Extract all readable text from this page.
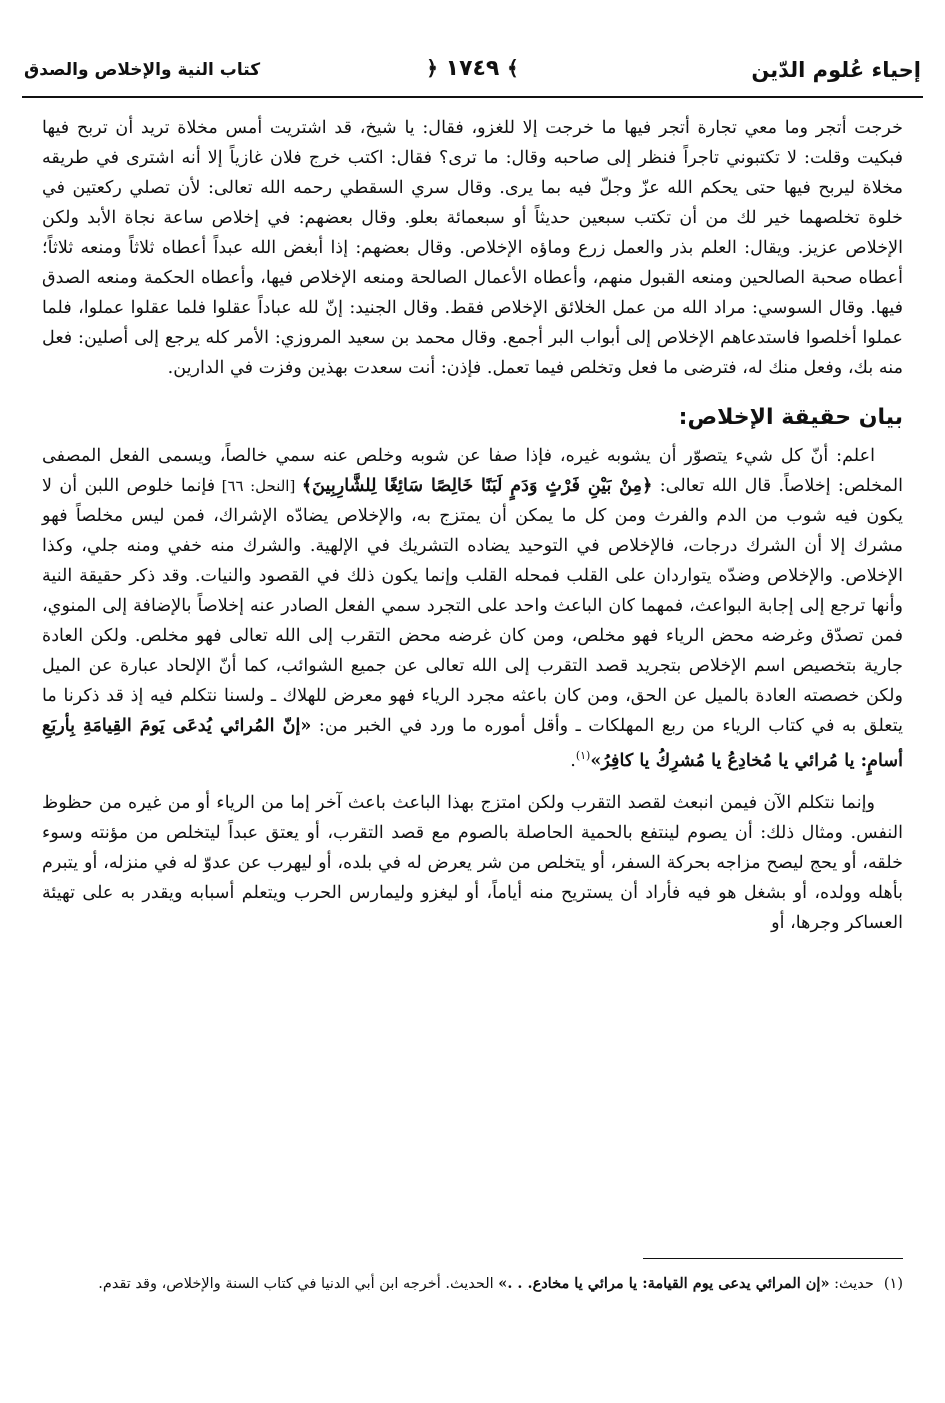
إحياء عُلوم الدّين
﴾ ١٧٤٩ ﴿
كتاب النية والإخلاص والصدق

خرجت أتجر وما معي تجارة أتجر فيها ما خرجت إلا للغزو، فقال: يا شيخ، قد اشتريت أمس مخلاة تريد أن تربح فيها فبكيت وقلت: لا تكتبوني تاجراً فنظر إلى صاحبه وقال: ما ترى؟ فقال: اكتب خرج فلان غازياً إلا أنه اشترى في طريقه مخلاة ليربح فيها حتى يحكم الله عزّ وجلّ فيه بما يرى. وقال سري السقطي رحمه الله تعالى: لأن تصلي ركعتين في خلوة تخلصهما خير لك من أن تكتب سبعين حديثاً أو سبعمائة بعلو. وقال بعضهم: في إخلاص ساعة نجاة الأبد ولكن الإخلاص عزيز. ويقال: العلم بذر والعمل زرع وماؤه الإخلاص. وقال بعضهم: إذا أبغض الله عبداً أعطاه ثلاثاً ومنعه ثلاثاً؛ أعطاه صحبة الصالحين ومنعه القبول منهم، وأعطاه الأعمال الصالحة ومنعه الإخلاص فيها، وأعطاه الحكمة ومنعه الصدق فيها. وقال السوسي: مراد الله من عمل الخلائق الإخلاص فقط. وقال الجنيد: إنّ لله عباداً عقلوا فلما عقلوا عملوا، فلما عملوا أخلصوا فاستدعاهم الإخلاص إلى أبواب البر أجمع. وقال محمد بن سعيد المروزي: الأمر كله يرجع إلى أصلين: فعل منه بك، وفعل منك له، فترضى ما فعل وتخلص فيما تعمل. فإذن: أنت سعدت بهذين وفزت في الدارين.

بيان حقيقة الإخلاص:

اعلم: أنّ كل شيء يتصوّر أن يشوبه غيره، فإذا صفا عن شوبه وخلص عنه سمي خالصاً، ويسمى الفعل المصفى المخلص: إخلاصاً. قال الله تعالى: ﴿مِنْ بَيْنِ فَرْثٍ وَدَمٍ لَبَنًا خَالِصًا سَائِغًا لِلشَّارِبِينَ﴾ [النحل: ٦٦] فإنما خلوص اللبن أن لا يكون فيه شوب من الدم والفرث ومن كل ما يمكن أن يمتزج به، والإخلاص يضادّه الإشراك، فمن ليس مخلصاً فهو مشرك إلا أن الشرك درجات، فالإخلاص في التوحيد يضاده التشريك في الإلهية. والشرك منه خفي ومنه جلي، وكذا الإخلاص. والإخلاص وضدّه يتواردان على القلب فمحله القلب وإنما يكون ذلك في القصود والنيات. وقد ذكر حقيقة النية وأنها ترجع إلى إجابة البواعث، فمهما كان الباعث واحد على التجرد سمي الفعل الصادر عنه إخلاصاً بالإضافة إلى المنوي، فمن تصدّق وغرضه محض الرياء فهو مخلص، ومن كان غرضه محض التقرب إلى الله تعالى فهو مخلص. ولكن العادة جارية بتخصيص اسم الإخلاص بتجريد قصد التقرب إلى الله تعالى عن جميع الشوائب، كما أنّ الإلحاد عبارة عن الميل ولكن خصصته العادة بالميل عن الحق، ومن كان باعثه مجرد الرياء فهو معرض للهلاك ـ ولسنا نتكلم فيه إذ قد ذكرنا ما يتعلق به في كتاب الرياء من ربع المهلكات ـ وأقل أموره ما ورد في الخبر من: «إنّ المُرائي يُدعَى يَومَ القِيامَةِ بِأربَعِ أسامٍ: يا مُرائي يا مُخادِعُ يا مُشرِكُ يا كافِرُ»$^{(١)}$.

وإنما نتكلم الآن فيمن انبعث لقصد التقرب ولكن امتزج بهذا الباعث باعث آخر إما من الرياء أو من غيره من حظوظ النفس. ومثال ذلك: أن يصوم لينتفع بالحمية الحاصلة بالصوم مع قصد التقرب، أو يعتق عبداً ليتخلص من مؤنته وسوء خلقه، أو يحج ليصح مزاجه بحركة السفر، أو يتخلص من شر يعرض له في بلده، أو ليهرب عن عدوّ له في منزله، أو يتبرم بأهله وولده، أو بشغل هو فيه فأراد أن يستريح منه أياماً، أو ليغزو وليمارس الحرب ويتعلم أسبابه ويقدر به على تهيئة العساكر وجرها، أو

(١)حديث: «إن المرائي يدعى يوم القيامة: يا مرائي يا مخادع. . .» الحديث. أخرجه ابن أبي الدنيا في كتاب السنة والإخلاص، وقد تقدم.
